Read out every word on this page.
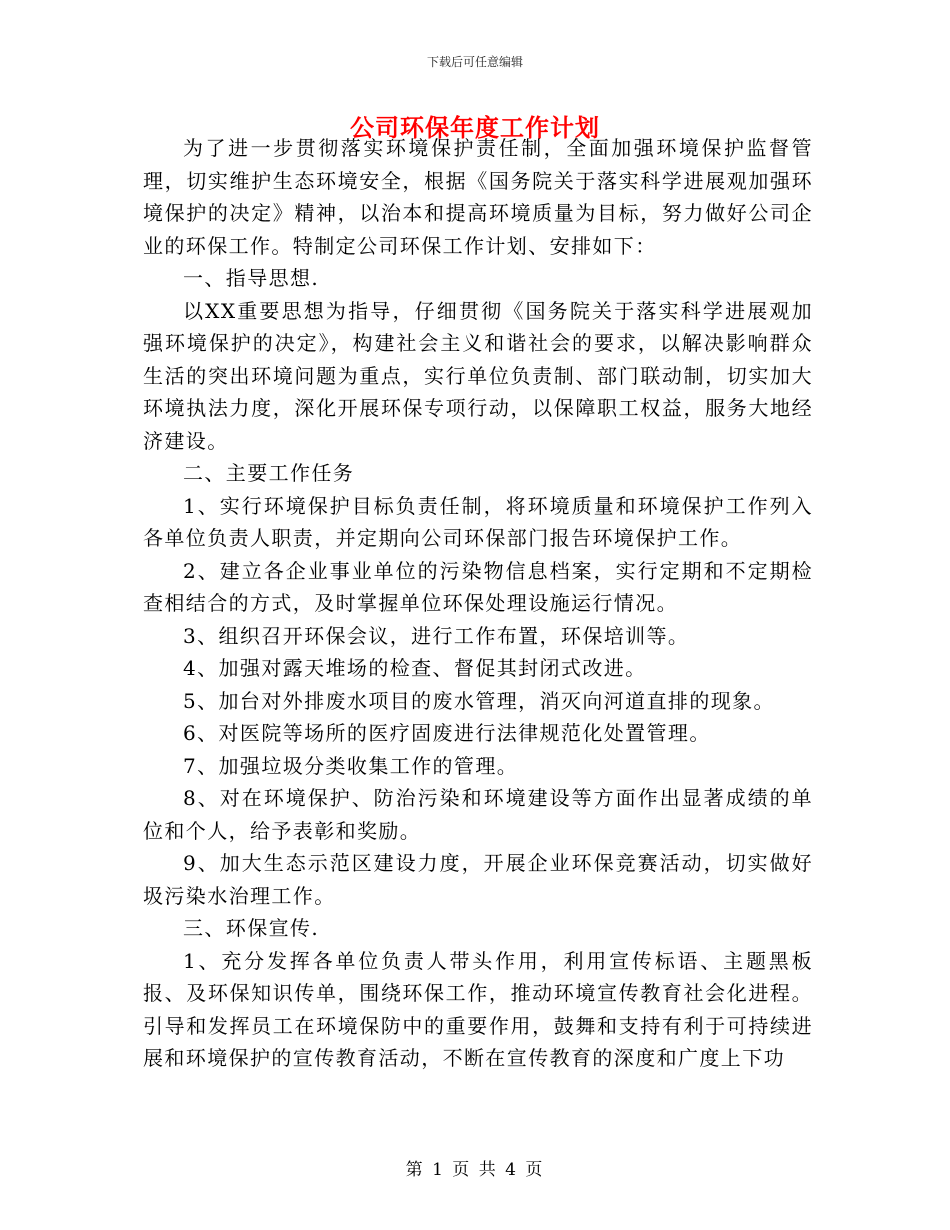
下载后可任意编辑
公司环保年度工作计划

为了进一步贯彻落实环境保护责任制，全面加强环境保护监督管理，切实维护生态环境安全，根据《国务院关于落实科学进展观加强环境保护的决定》精神，以治本和提高环境质量为目标，努力做好公司企业的环保工作。特制定公司环保工作计划、安排如下：

一、指导思想.

以XX重要思想为指导，仔细贯彻《国务院关于落实科学进展观加强环境保护的决定》，构建社会主义和谐社会的要求，以解决影响群众生活的突出环境问题为重点，实行单位负责制、部门联动制，切实加大环境执法力度，深化开展环保专项行动，以保障职工权益，服务大地经济建设。

二、主要工作任务

1、实行环境保护目标负责任制，将环境质量和环境保护工作列入各单位负责人职责，并定期向公司环保部门报告环境保护工作。

2、建立各企业事业单位的污染物信息档案，实行定期和不定期检查相结合的方式，及时掌握单位环保处理设施运行情况。

3、组织召开环保会议，进行工作布置，环保培训等。

4、加强对露天堆场的检查、督促其封闭式改进。

5、加台对外排废水项目的废水管理，消灭向河道直排的现象。

6、对医院等场所的医疗固废进行法律规范化处置管理。

7、加强垃圾分类收集工作的管理。

8、对在环境保护、防治污染和环境建设等方面作出显著成绩的单位和个人，给予表彰和奖励。

9、加大生态示范区建设力度，开展企业环保竞赛活动，切实做好圾污染水治理工作。

三、环保宣传.

1、充分发挥各单位负责人带头作用，利用宣传标语、主题黑板报、及环保知识传单，围绕环保工作，推动环境宣传教育社会化进程。引导和发挥员工在环境保防中的重要作用，鼓舞和支持有利于可持续进展和环境保护的宣传教育活动，不断在宣传教育的深度和广度上下功

第 1 页 共 4 页
